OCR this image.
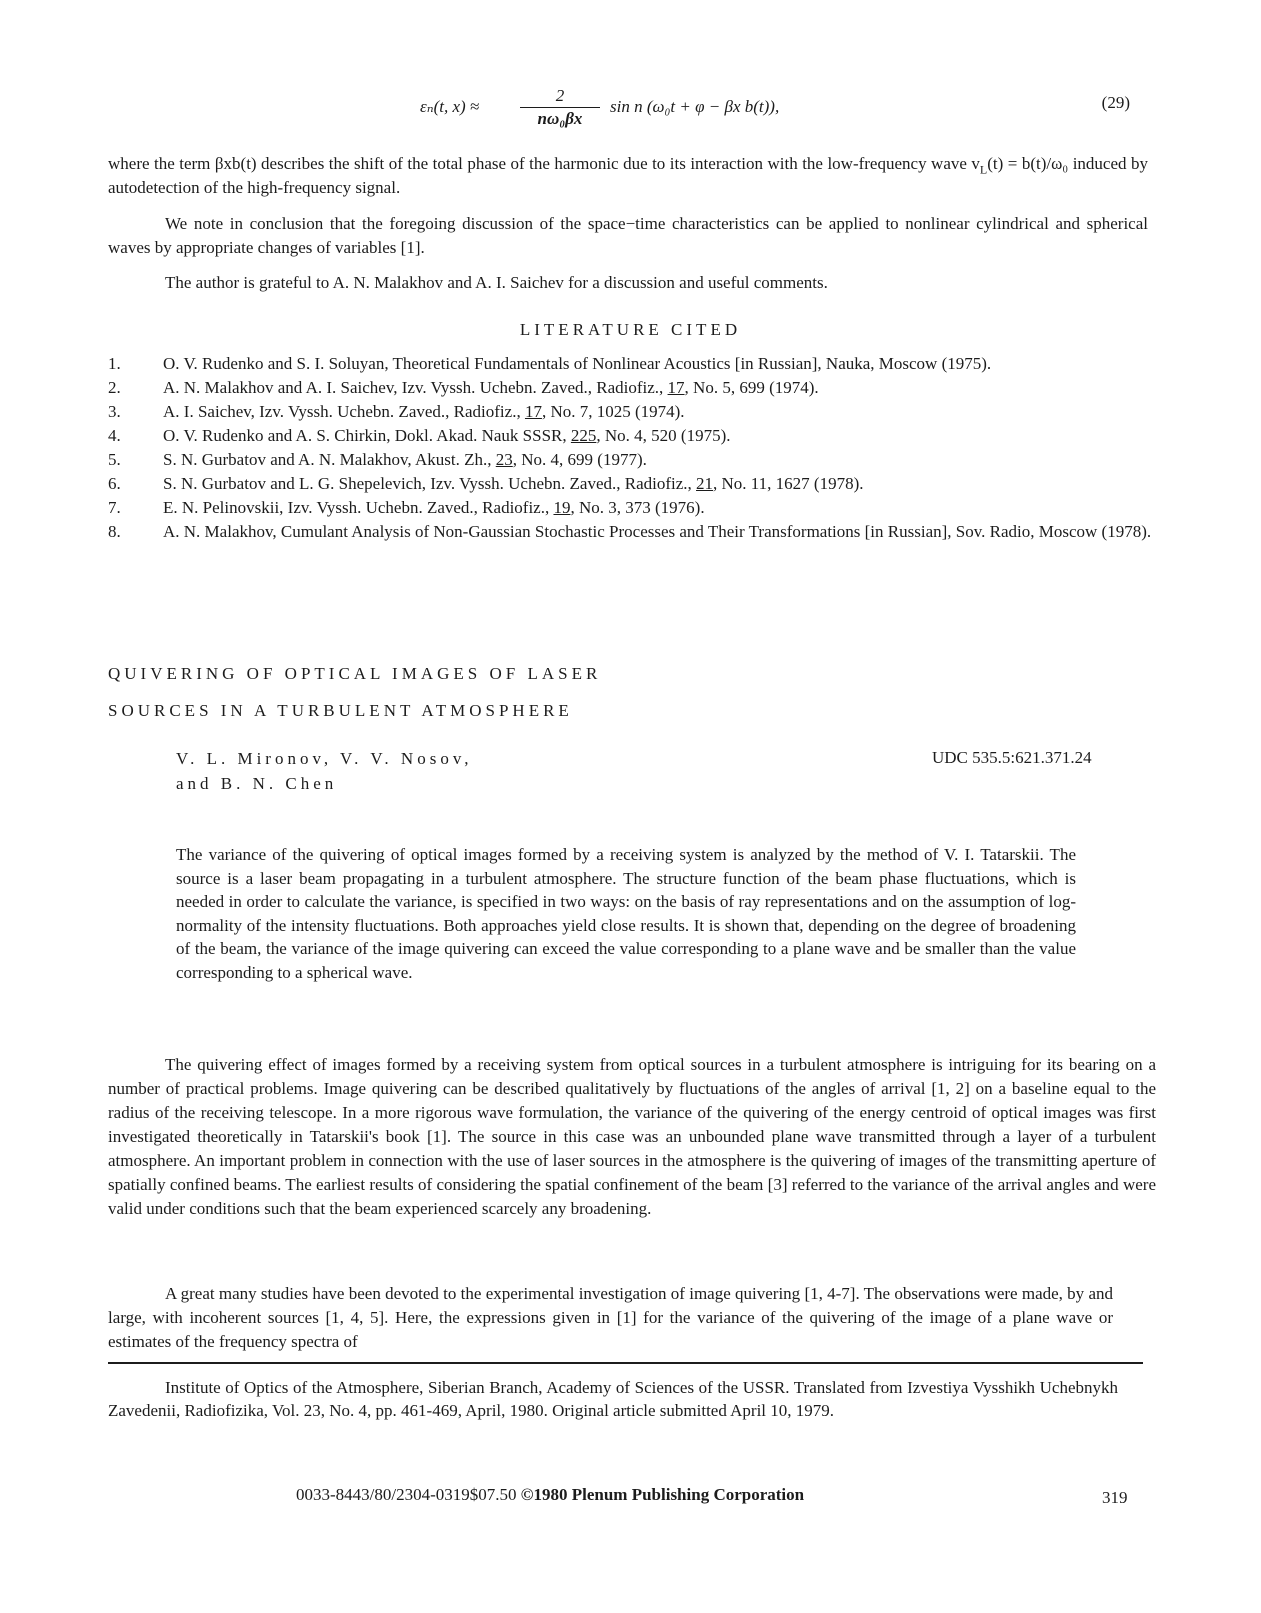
εₙ(t, $x) \approx \frac{2}{\text{nω₀βx}}$ sin n (ω₀t + φ − βx b(t)),	(29)

where the term βxb(t) describes the shift of the total phase of the harmonic due to its interaction with the low-frequency wave $v_L(t) = b(t)/\omega_0$ induced by autodetection of the high-frequency signal.

We note in conclusion that the foregoing discussion of the space−time characteristics can be applied to nonlinear cylindrical and spherical waves by appropriate changes of variables [1].

The author is grateful to A. N. Malakhov and A. I. Saichev for a discussion and useful comments.

LITERATURE CITED
1. O. V. Rudenko and S. I. Soluyan, Theoretical Fundamentals of Nonlinear Acoustics [in Russian], Nauka, Moscow (1975).
2. A. N. Malakhov and A. I. Saichev, Izv. Vyssh. Uchebn. Zaved., Radiofiz., 17, No. 5, 699 (1974).
3. A. I. Saichev, Izv. Vyssh. Uchebn. Zaved., Radiofiz., 17, No. 7, 1025 (1974).
4. O. V. Rudenko and A. S. Chirkin, Dokl. Akad. Nauk SSSR, 225, No. 4, 520 (1975).
5. S. N. Gurbatov and A. N. Malakhov, Akust. Zh., 23, No. 4, 699 (1977).
6. S. N. Gurbatov and L. G. Shepelevich, Izv. Vyssh. Uchebn. Zaved., Radiofiz., 21, No. 11, 1627 (1978).
7. E. N. Pelinovskii, Izv. Vyssh. Uchebn. Zaved., Radiofiz., 19, No. 3, 373 (1976).
8. A. N. Malakhov, Cumulant Analysis of Non-Gaussian Stochastic Processes and Their Transformations [in Russian], Sov. Radio, Moscow (1978).
QUIVERING OF OPTICAL IMAGES OF LASER
SOURCES IN A TURBULENT ATMOSPHERE
V. L. Mironov, V. V. Nosov,
and B. N. Chen
UDC 535.5:621.371.24

The variance of the quivering of optical images formed by a receiving system is analyzed by the method of V. I. Tatarskii. The source is a laser beam propagating in a turbulent atmosphere. The structure function of the beam phase fluctuations, which is needed in order to calculate the variance, is specified in two ways: on the basis of ray representations and on the assumption of log-normality of the intensity fluctuations. Both approaches yield close results. It is shown that, depending on the degree of broadening of the beam, the variance of the image quivering can exceed the value corresponding to a plane wave and be smaller than the value corresponding to a spherical wave.

The quivering effect of images formed by a receiving system from optical sources in a turbulent atmosphere is intriguing for its bearing on a number of practical problems. Image quivering can be described qualitatively by fluctuations of the angles of arrival [1, 2] on a baseline equal to the radius of the receiving telescope. In a more rigorous wave formulation, the variance of the quivering of the energy centroid of optical images was first investigated theoretically in Tatarskii's book [1]. The source in this case was an unbounded plane wave transmitted through a layer of a turbulent atmosphere. An important problem in connection with the use of laser sources in the atmosphere is the quivering of images of the transmitting aperture of spatially confined beams. The earliest results of considering the spatial confinement of the beam [3] referred to the variance of the arrival angles and were valid under conditions such that the beam experienced scarcely any broadening.

A great many studies have been devoted to the experimental investigation of image quivering [1, 4-7]. The observations were made, by and large, with incoherent sources [1, 4, 5]. Here, the expressions given in [1] for the variance of the quivering of the image of a plane wave or estimates of the frequency spectra of

Institute of Optics of the Atmosphere, Siberian Branch, Academy of Sciences of the USSR. Translated from Izvestiya Vysshikh Uchebnykh Zavedenii, Radiofizika, Vol. 23, No. 4, pp. 461-469, April, 1980. Original article submitted April 10, 1979.

0033-8443/80/2304-0319$07.50 ©1980 Plenum Publishing Corporation	319
